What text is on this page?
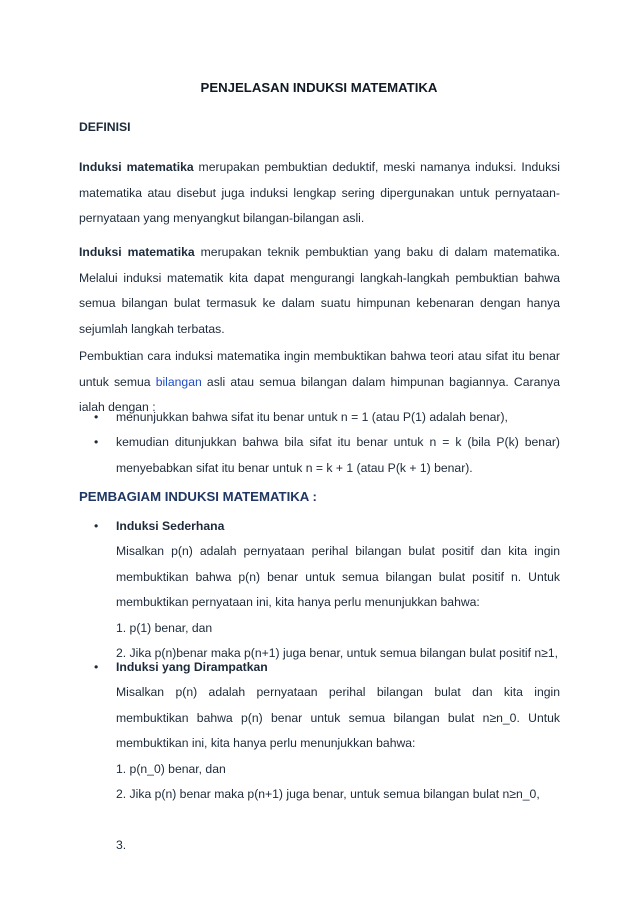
PENJELASAN INDUKSI MATEMATIKA
DEFINISI
Induksi matematika merupakan pembuktian deduktif, meski namanya induksi. Induksi matematika atau disebut juga induksi lengkap sering dipergunakan untuk pernyataan-pernyataan yang menyangkut bilangan-bilangan asli.
Induksi matematika merupakan teknik pembuktian yang baku di dalam matematika. Melalui induksi matematik kita dapat mengurangi langkah-langkah pembuktian bahwa semua bilangan bulat termasuk ke dalam suatu himpunan kebenaran dengan hanya sejumlah langkah terbatas.
Pembuktian cara induksi matematika ingin membuktikan bahwa teori atau sifat itu benar untuk semua bilangan asli atau semua bilangan dalam himpunan bagiannya. Caranya ialah dengan :
•	menunjukkan bahwa sifat itu benar untuk n = 1 (atau P(1) adalah benar),
•	kemudian ditunjukkan bahwa bila sifat itu benar untuk n = k (bila P(k) benar) menyebabkan sifat itu benar untuk n = k + 1 (atau P(k + 1) benar).
PEMBAGIAM INDUKSI MATEMATIKA :
•	Induksi Sederhana
Misalkan p(n) adalah pernyataan perihal bilangan bulat positif dan kita ingin membuktikan bahwa p(n) benar untuk semua bilangan bulat positif n. Untuk membuktikan pernyataan ini, kita hanya perlu menunjukkan bahwa:
1. p(1) benar, dan
2. Jika p(n)benar maka p(n+1) juga benar, untuk semua bilangan bulat positif n≥1,
•	Induksi yang Dirampatkan
Misalkan p(n) adalah pernyataan perihal bilangan bulat dan kita ingin membuktikan bahwa p(n) benar untuk semua bilangan bulat n≥n_0. Untuk membuktikan ini, kita hanya perlu menunjukkan bahwa:
1. p(n_0) benar, dan
2. Jika p(n) benar maka p(n+1) juga benar, untuk semua bilangan bulat n≥n_0,
3.
